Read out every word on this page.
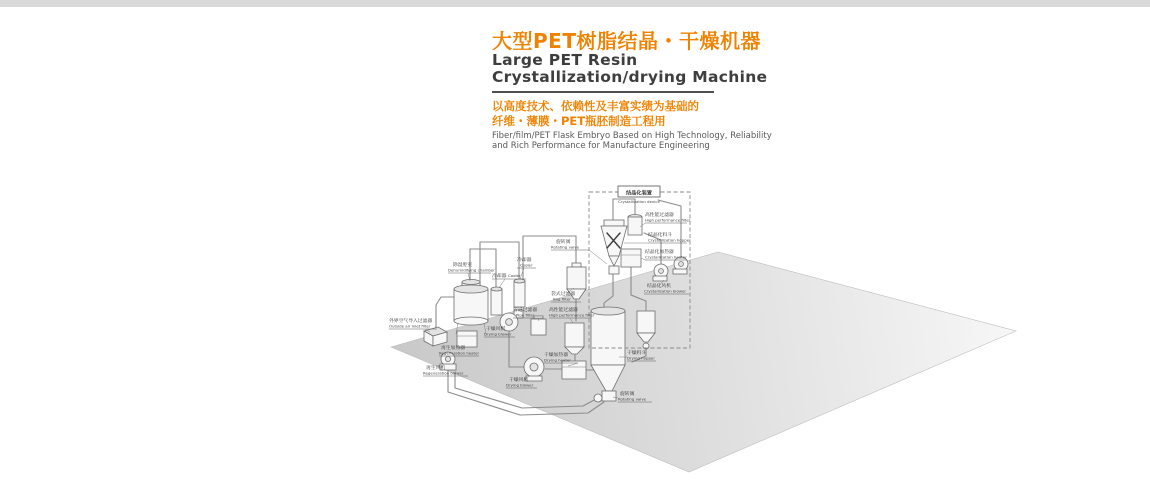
大型PET树脂结晶・干燥机器
Large PET Resin
Crystallization/drying Machine
以高度技术、依赖性及丰富实绩为基础的
纤维・薄膜・PET瓶胚制造工程用
Fiber/film/PET Flask Embryo Based on High Technology, Reliability
and Rich Performance for Manufacture Engineering
结晶化装置
Crystallization device
高性能过滤器
High performance filter
结晶化料斗
Crystallization hopper
结晶化加热器
Crystallization heater
结晶化风机
Crystallization blower
旋转阀
Rotating valve
袋式过滤器
Bag filter
管道过滤器
Pipe filter
高性能过滤器
High performance filter
干燥加热器
Drying heater
干燥风机
Drying blower
干燥风机
Drying blower
干燥料斗
Drying hopper
旋转阀
Rotating valve
冷却器
Cooler
冷却器 Cooler
除湿腔室
Dehumidifying chamber
外界空气导入过滤器
Outside air inlet filter
再生加热器
Regeneration heater
再生风机
Regeneration blower
